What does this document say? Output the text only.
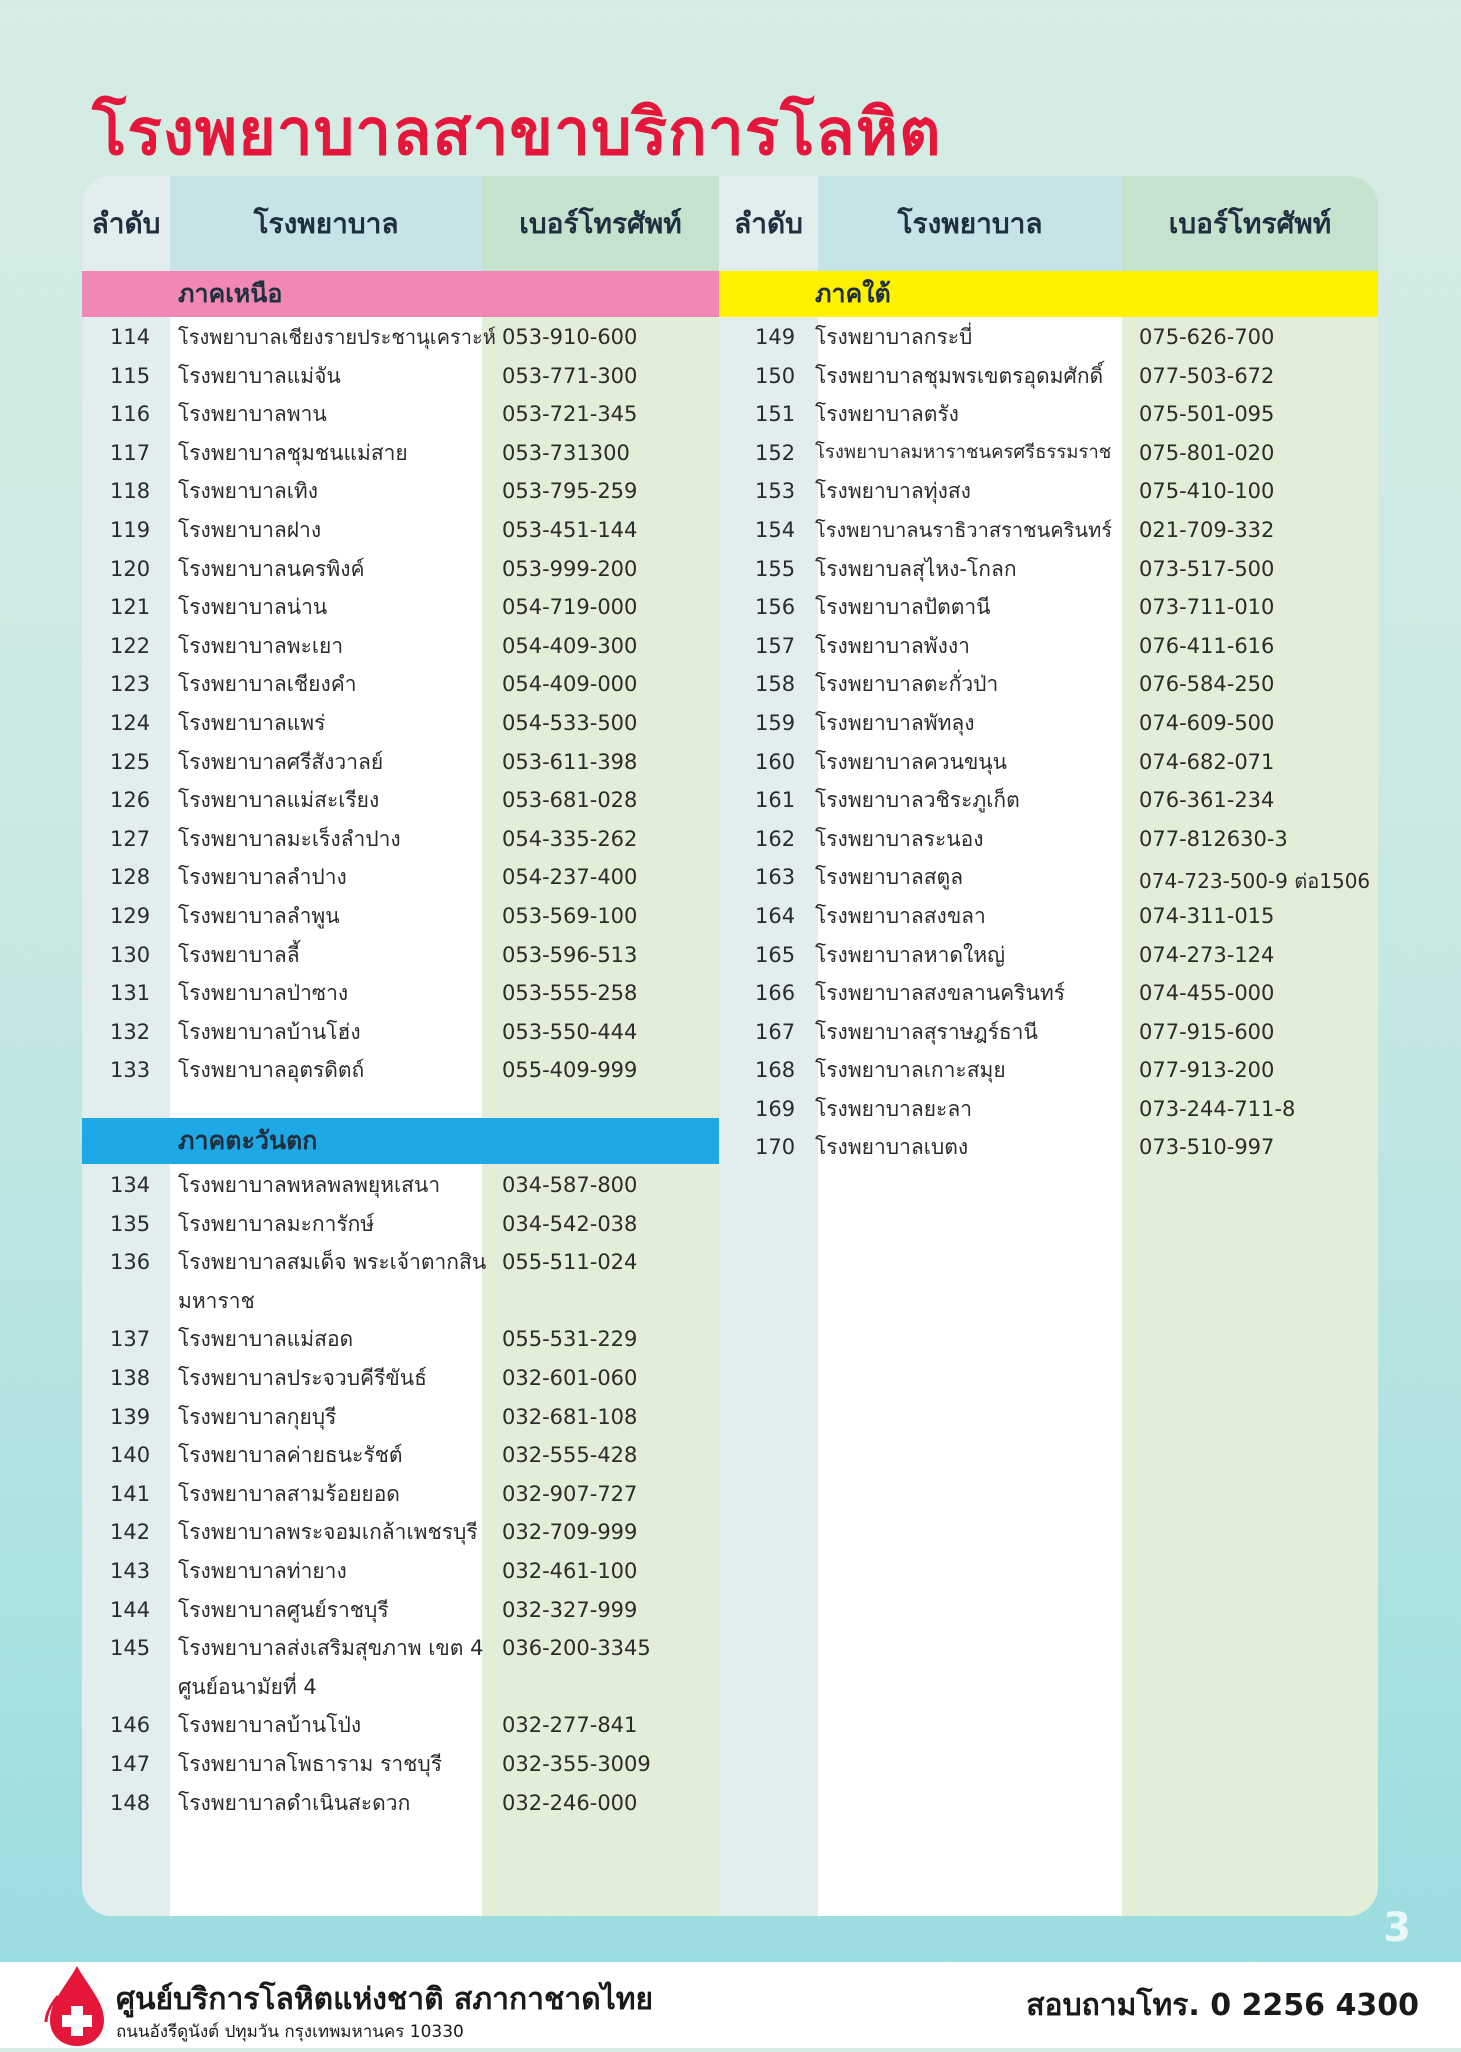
โรงพยาบาลสาขาบริการโลหิต
ลำดับ	โรงพยาบาล	เบอร์โทรศัพท์	ลำดับ	โรงพยาบาล	เบอร์โทรศัพท์
ภาคเหนือ	ภาคใต้
ภาคตะวันตก
114 โรงพยาบาลเชียงรายประชานุเคราะห์ 053-910-600
115 โรงพยาบาลแม่จัน	053-771-300
116 โรงพยาบาลพาน	053-721-345
117 โรงพยาบาลชุมชนแม่สาย	053-731300
118 โรงพยาบาลเทิง	053-795-259
119 โรงพยาบาลฝาง	053-451-144
120 โรงพยาบาลนครพิงค์	053-999-200
121 โรงพยาบาลน่าน	054-719-000
122 โรงพยาบาลพะเยา	054-409-300
123 โรงพยาบาลเชียงคำ	054-409-000
124 โรงพยาบาลแพร่	054-533-500
125 โรงพยาบาลศรีสังวาลย์	053-611-398
126 โรงพยาบาลแม่สะเรียง	053-681-028
127 โรงพยาบาลมะเร็งลำปาง	054-335-262
128 โรงพยาบาลลำปาง	054-237-400
129 โรงพยาบาลลำพูน	053-569-100
130 โรงพยาบาลลี้	053-596-513
131 โรงพยาบาลป่าซาง	053-555-258
132 โรงพยาบาลบ้านโฮ่ง	053-550-444
133 โรงพยาบาลอุตรดิตถ์	055-409-999
134 โรงพยาบาลพหลพลพยุหเสนา	034-587-800
135 โรงพยาบาลมะการักษ์	034-542-038
136 โรงพยาบาลสมเด็จ พระเจ้าตากสินมหาราช
055-511-024
137 โรงพยาบาลแม่สอด	055-531-229
138 โรงพยาบาลประจวบคีรีขันธ์	032-601-060
139 โรงพยาบาลกุยบุรี	032-681-108
140 โรงพยาบาลค่ายธนะรัชต์	032-555-428
141 โรงพยาบาลสามร้อยยอด	032-907-727
142 โรงพยาบาลพระจอมเกล้าเพชรบุรี	032-709-999
143 โรงพยาบาลท่ายาง	032-461-100
144 โรงพยาบาลศูนย์ราชบุรี	032-327-999
145 โรงพยาบาลส่งเสริมสุขภาพ เขต 4 ศูนย์อนามัยที่ 4
036-200-3345
146 โรงพยาบาลบ้านโป่ง	032-277-841
147 โรงพยาบาลโพธาราม ราชบุรี	032-355-3009
148 โรงพยาบาลดำเนินสะดวก	032-246-000
149 โรงพยาบาลกระบี่	075-626-700
150 โรงพยาบาลชุมพรเขตรอุดมศักดิ์	077-503-672
151 โรงพยาบาลตรัง	075-501-095
152 โรงพยาบาลมหาราชนครศรีธรรมราช 075-801-020
153 โรงพยาบาลทุ่งสง	075-410-100
154 โรงพยาบาลนราธิวาสราชนครินทร์ 021-709-332
155 โรงพยาบลสุไหง-โกลก	073-517-500
156 โรงพยาบาลปัตตานี	073-711-010
157 โรงพยาบาลพังงา	076-411-616
158 โรงพยาบาลตะกั่วป่า	076-584-250
159 โรงพยาบาลพัทลุง	074-609-500
160 โรงพยาบาลควนขนุน	074-682-071
161 โรงพยาบาลวชิระภูเก็ต	076-361-234
162 โรงพยาบาลระนอง	077-812630-3
163 โรงพยาบาลสตูล	074-723-500-9 ต่อ1506
164 โรงพยาบาลสงขลา	074-311-015
165 โรงพยาบาลหาดใหญ่	074-273-124
166 โรงพยาบาลสงขลานครินทร์	074-455-000
167 โรงพยาบาลสุราษฎร์ธานี	077-915-600
168 โรงพยาบาลเกาะสมุย	077-913-200
169 โรงพยาบาลยะลา	073-244-711-8
170 โรงพยาบาลเบตง	073-510-997
3
ศูนย์บริการโลหิตแห่งชาติ สภากาชาดไทย
ถนนอังรีดูนังต์ ปทุมวัน กรุงเทพมหานคร 10330
สอบถามโทร. 0 2256 4300
